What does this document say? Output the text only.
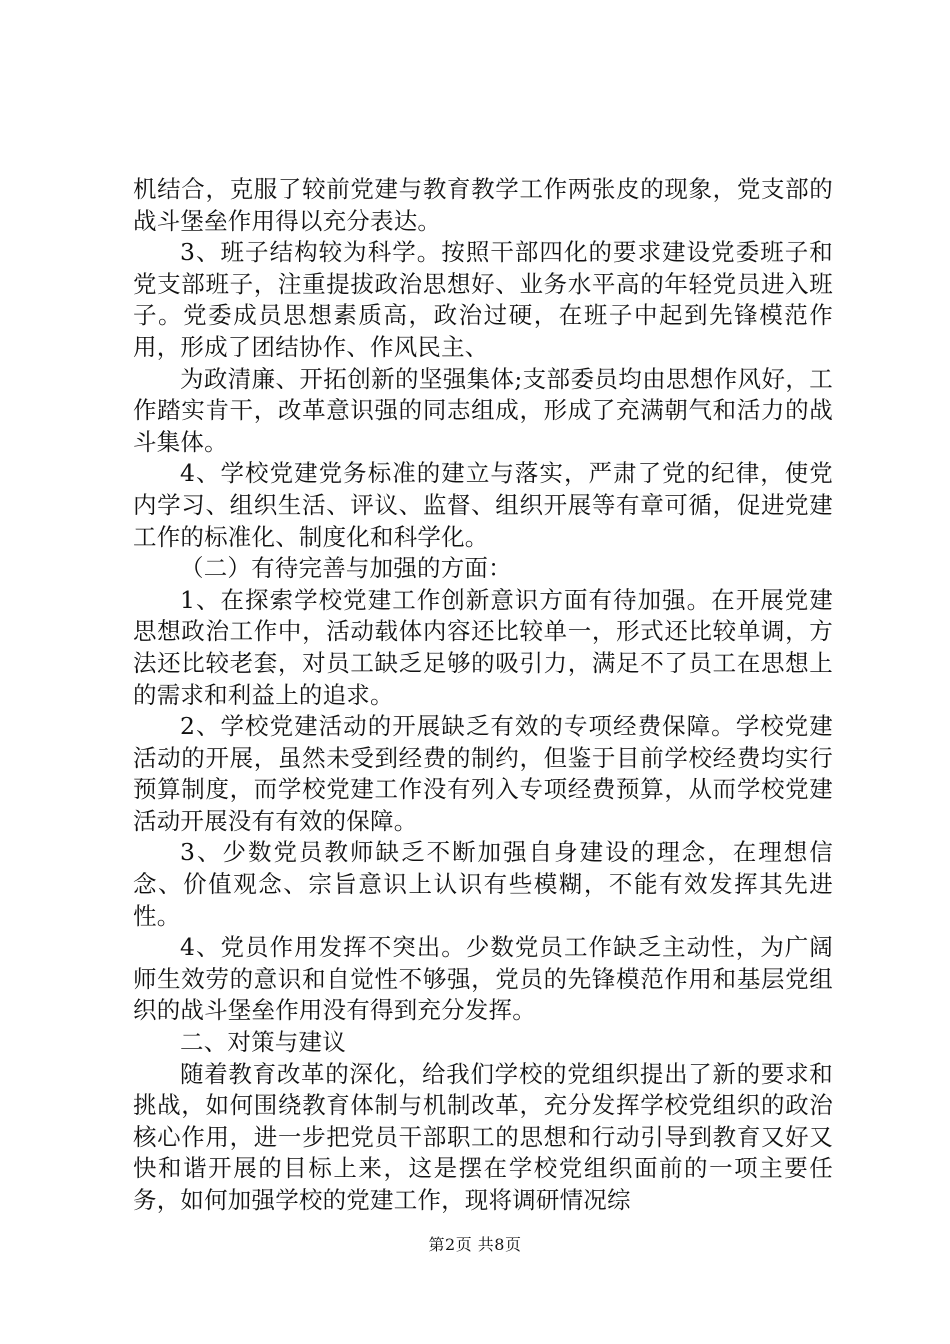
机结合，克服了较前党建与教育教学工作两张皮的现象，党支部的战斗堡垒作用得以充分表达。

3、班子结构较为科学。按照干部四化的要求建设党委班子和党支部班子，注重提拔政治思想好、业务水平高的年轻党员进入班子。党委成员思想素质高，政治过硬，在班子中起到先锋模范作用，形成了团结协作、作风民主、

为政清廉、开拓创新的坚强集体;支部委员均由思想作风好，工作踏实肯干，改革意识强的同志组成，形成了充满朝气和活力的战斗集体。

4、学校党建党务标准的建立与落实，严肃了党的纪律，使党内学习、组织生活、评议、监督、组织开展等有章可循，促进党建工作的标准化、制度化和科学化。

（二）有待完善与加强的方面：

1、在探索学校党建工作创新意识方面有待加强。在开展党建思想政治工作中，活动载体内容还比较单一，形式还比较单调，方法还比较老套，对员工缺乏足够的吸引力，满足不了员工在思想上的需求和利益上的追求。

2、学校党建活动的开展缺乏有效的专项经费保障。学校党建活动的开展，虽然未受到经费的制约，但鉴于目前学校经费均实行预算制度，而学校党建工作没有列入专项经费预算，从而学校党建活动开展没有有效的保障。

3、少数党员教师缺乏不断加强自身建设的理念，在理想信念、价值观念、宗旨意识上认识有些模糊，不能有效发挥其先进性。

4、党员作用发挥不突出。少数党员工作缺乏主动性，为广阔师生效劳的意识和自觉性不够强，党员的先锋模范作用和基层党组织的战斗堡垒作用没有得到充分发挥。

二、对策与建议

随着教育改革的深化，给我们学校的党组织提出了新的要求和挑战，如何围绕教育体制与机制改革，充分发挥学校党组织的政治核心作用，进一步把党员干部职工的思想和行动引导到教育又好又快和谐开展的目标上来，这是摆在学校党组织面前的一项主要任务，如何加强学校的党建工作，现将调研情况综

第2页 共8页
